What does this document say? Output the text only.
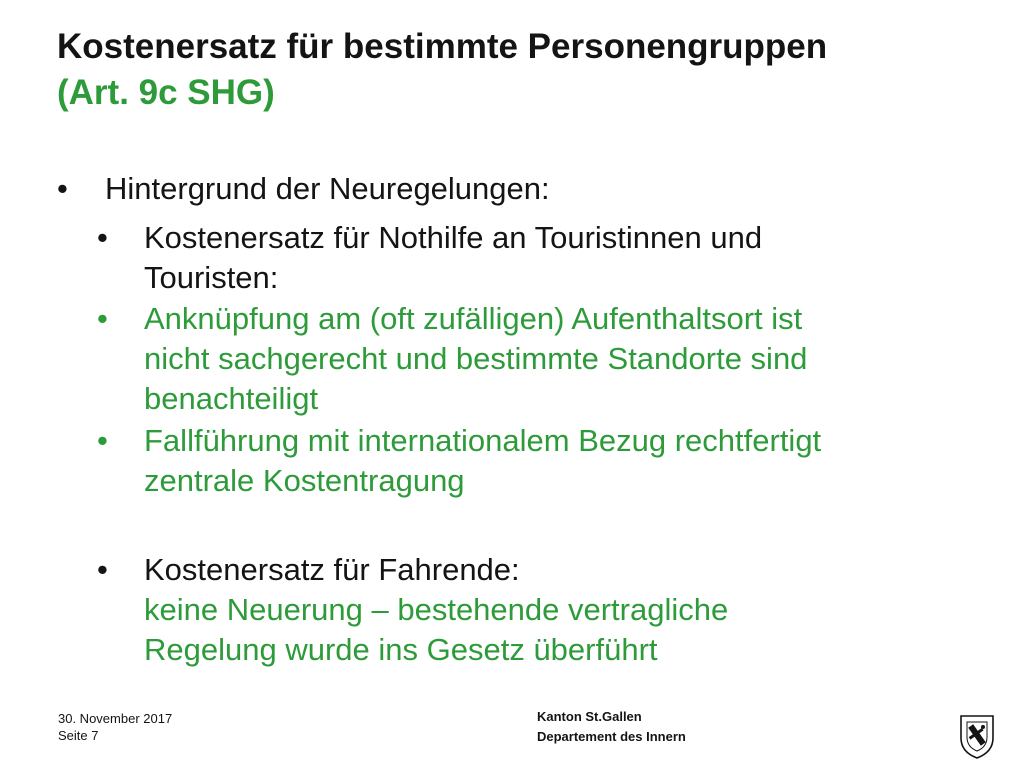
Kostenersatz für bestimmte Personengruppen
(Art. 9c SHG)
• Hintergrund der Neuregelungen:
• Kostenersatz für Nothilfe an Touristinnen und
Touristen:
• Anknüpfung am (oft zufälligen) Aufenthaltsort ist
nicht sachgerecht und bestimmte Standorte sind
benachteiligt
• Fallführung mit internationalem Bezug rechtfertigt
zentrale Kostentragung
• Kostenersatz für Fahrende:
keine Neuerung – bestehende vertragliche
Regelung wurde ins Gesetz überführt
30. November 2017
Seite 7
Kanton St.Gallen
Departement des Innern
